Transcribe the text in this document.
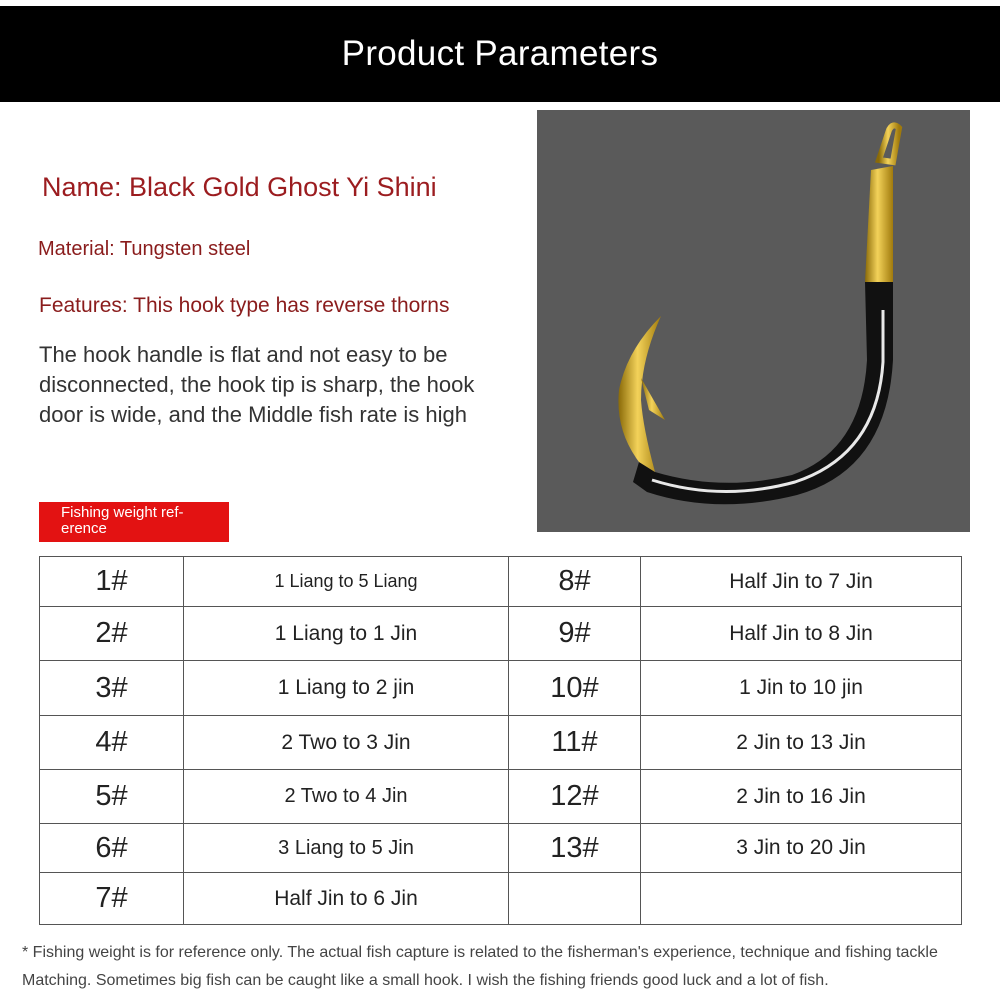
Product Parameters
Name: Black Gold Ghost Yi Shini
Material: Tungsten steel
Features: This hook type has reverse thorns
The hook handle is flat and not easy to be disconnected, the hook tip is sharp, the hook door is wide, and the Middle fish rate is high
Fishing weight ref-
erence
1#	1 Liang to 5 Liang	8#	Half Jin to 7 Jin
2#	1 Liang to 1 Jin	9#	Half Jin to 8 Jin
3#	1 Liang to 2 jin	10#	1 Jin to 10 jin
4#	2 Two to 3 Jin	11#	2 Jin to 13 Jin
5#	2 Two to 4 Jin	12#	2 Jin to 16 Jin
6#	3 Liang to 5 Jin	13#	3 Jin to 20 Jin
7#	Half Jin to 6 Jin		
* Fishing weight is for reference only. The actual fish capture is related to the fisherman's experience, technique and fishing tackle Matching. Sometimes big fish can be caught like a small hook. I wish the fishing friends good luck and a lot of fish.
